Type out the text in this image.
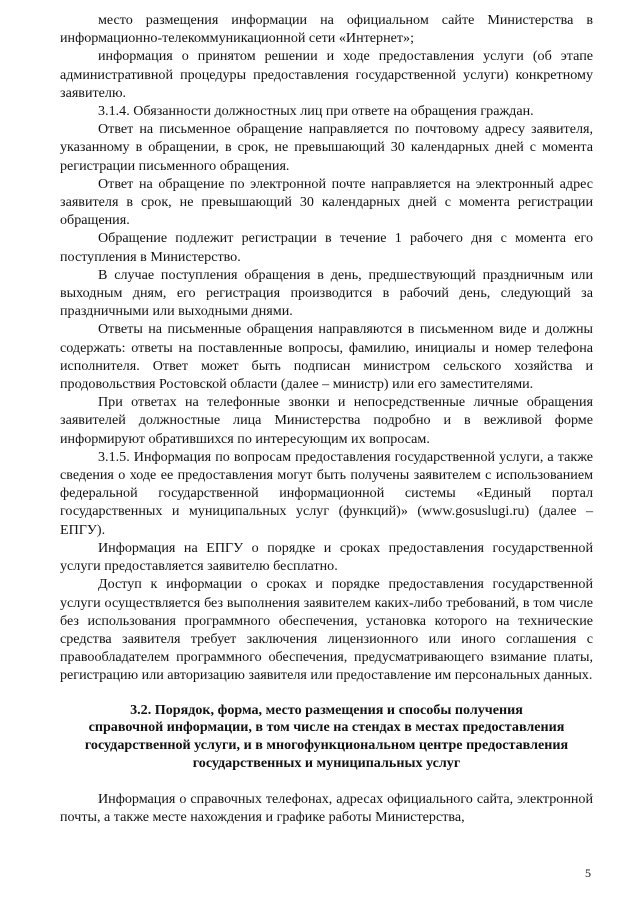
место размещения информации на официальном сайте Министерства в информационно-телекоммуникационной сети «Интернет»;

информация о принятом решении и ходе предоставления услуги (об этапе административной процедуры предоставления государственной услуги) конкретному заявителю.

3.1.4. Обязанности должностных лиц при ответе на обращения граждан.

Ответ на письменное обращение направляется по почтовому адресу заявителя, указанному в обращении, в срок, не превышающий 30 календарных дней с момента регистрации письменного обращения.

Ответ на обращение по электронной почте направляется на электронный адрес заявителя в срок, не превышающий 30 календарных дней с момента регистрации обращения.

Обращение подлежит регистрации в течение 1 рабочего дня с момента его поступления в Министерство.

В случае поступления обращения в день, предшествующий праздничным или выходным дням, его регистрация производится в рабочий день, следующий за праздничными или выходными днями.

Ответы на письменные обращения направляются в письменном виде и должны содержать: ответы на поставленные вопросы, фамилию, инициалы и номер телефона исполнителя. Ответ может быть подписан министром сельского хозяйства и продовольствия Ростовской области (далее – министр) или его заместителями.

При ответах на телефонные звонки и непосредственные личные обращения заявителей должностные лица Министерства подробно и в вежливой форме информируют обратившихся по интересующим их вопросам.

3.1.5. Информация по вопросам предоставления государственной услуги, а также сведения о ходе ее предоставления могут быть получены заявителем с использованием федеральной государственной информационной системы «Единый портал государственных и муниципальных услуг (функций)» (www.gosuslugi.ru) (далее – ЕПГУ).

Информация на ЕПГУ о порядке и сроках предоставления государственной услуги предоставляется заявителю бесплатно.

Доступ к информации о сроках и порядке предоставления государственной услуги осуществляется без выполнения заявителем каких-либо требований, в том числе без использования программного обеспечения, установка которого на технические средства заявителя требует заключения лицензионного или иного соглашения с правообладателем программного обеспечения, предусматривающего взимание платы, регистрацию или авторизацию заявителя или предоставление им персональных данных.

3.2. Порядок, форма, место размещения и способы получения

справочной информации, в том числе на стендах в местах предоставления

государственной услуги, и в многофункциональном центре предоставления

государственных и муниципальных услуг

Информация о справочных телефонах, адресах официального сайта, электронной почты, а также месте нахождения и графике работы Министерства,

5
